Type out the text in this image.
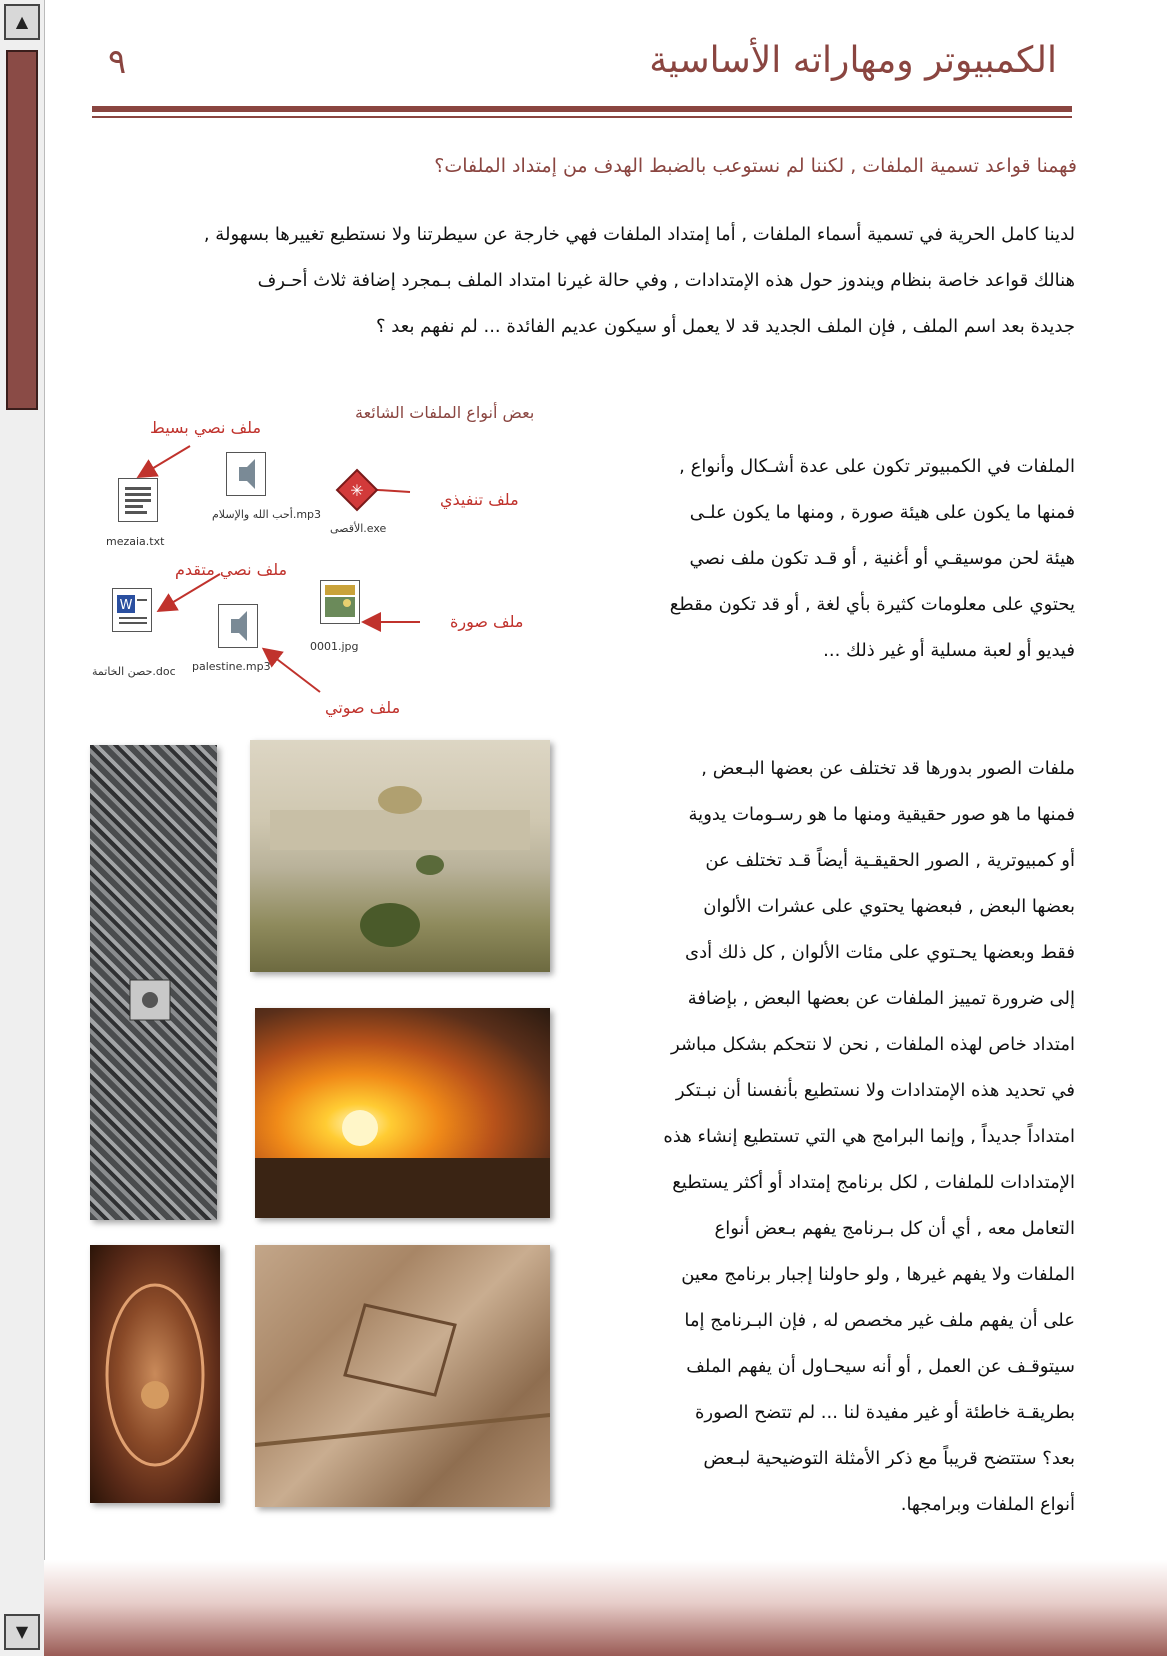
▲
▼
الكمبيوتر ومهاراته الأساسية
٩
فهمنا قواعد تسمية الملفات , لكننا لم نستوعب بالضبط الهدف من إمتداد الملفات؟

لدينا كامل الحرية في تسمية أسماء الملفات , أما إمتداد الملفات فهي خارجة عن سيطرتنا ولا نستطيع تغييرها بسهولة ,

هنالك قواعد خاصة بنظام ويندوز حول هذه الإمتدادات , وفي حالة غيرنا امتداد الملف بـمجرد إضافة ثلاث أحـرف

جديدة بعد اسم الملف , فإن الملف الجديد قد لا يعمل أو سيكون عديم الفائدة ... لم نفهم بعد ؟

بعض أنواع الملفات الشائعة
ملف نصي بسيط
ملف تنفيذي
ملف نصي متقدم
ملف صورة
ملف صوتي
mezaia.txt
أحب الله والإسلام.mp3
✳
الأقصى.exe
W
حصن الخاتمة.doc palestine.mp3
0001.jpg

الملفات في الكمبيوتر تكون على عدة أشـكال وأنواع ,

فمنها ما يكون على هيئة صورة , ومنها ما يكون علـى

هيئة لحن موسيقـي أو أغنية , أو قـد تكون ملف نصي

يحتوي على معلومات كثيرة بأي لغة , أو قد تكون مقطع

فيديو أو لعبة مسلية أو غير ذلك ...

ملفات الصور بدورها قد تختلف عن بعضها البـعض ,

فمنها ما هو صور حقيقية ومنها ما هو رسـومات يدوية

أو كمبيوترية , الصور الحقيقـية أيضاً قـد تختلف عن

بعضها البعض , فبعضها يحتوي على عشرات الألوان

فقط وبعضها يحـتوي على مئات الألوان , كل ذلك أدى

إلى ضرورة تمييز الملفات عن بعضها البعض , بإضافة

امتداد خاص لهذه الملفات , نحن لا نتحكم بشكل مباشر

في تحديد هذه الإمتدادات ولا نستطيع بأنفسنا أن نبـتكر

امتداداً جديداً , وإنما البرامج هي التي تستطيع إنشاء هذه

الإمتدادات للملفات , لكل برنامج إمتداد أو أكثر يستطيع

التعامل معه , أي أن كل بـرنامج يفهم بـعض أنواع

الملفات ولا يفهم غيرها , ولو حاولنا إجبار برنامج معين

على أن يفهم ملف غير مخصص له , فإن البـرنامج إما

سيتوقـف عن العمل , أو أنه سيحـاول أن يفهم الملف

بطريقـة خاطئة أو غير مفيدة لنا ... لم تتضح الصورة

بعد؟ ستتضح قريباً مع ذكر الأمثلة التوضيحية لبـعض

أنواع الملفات وبرامجها.
